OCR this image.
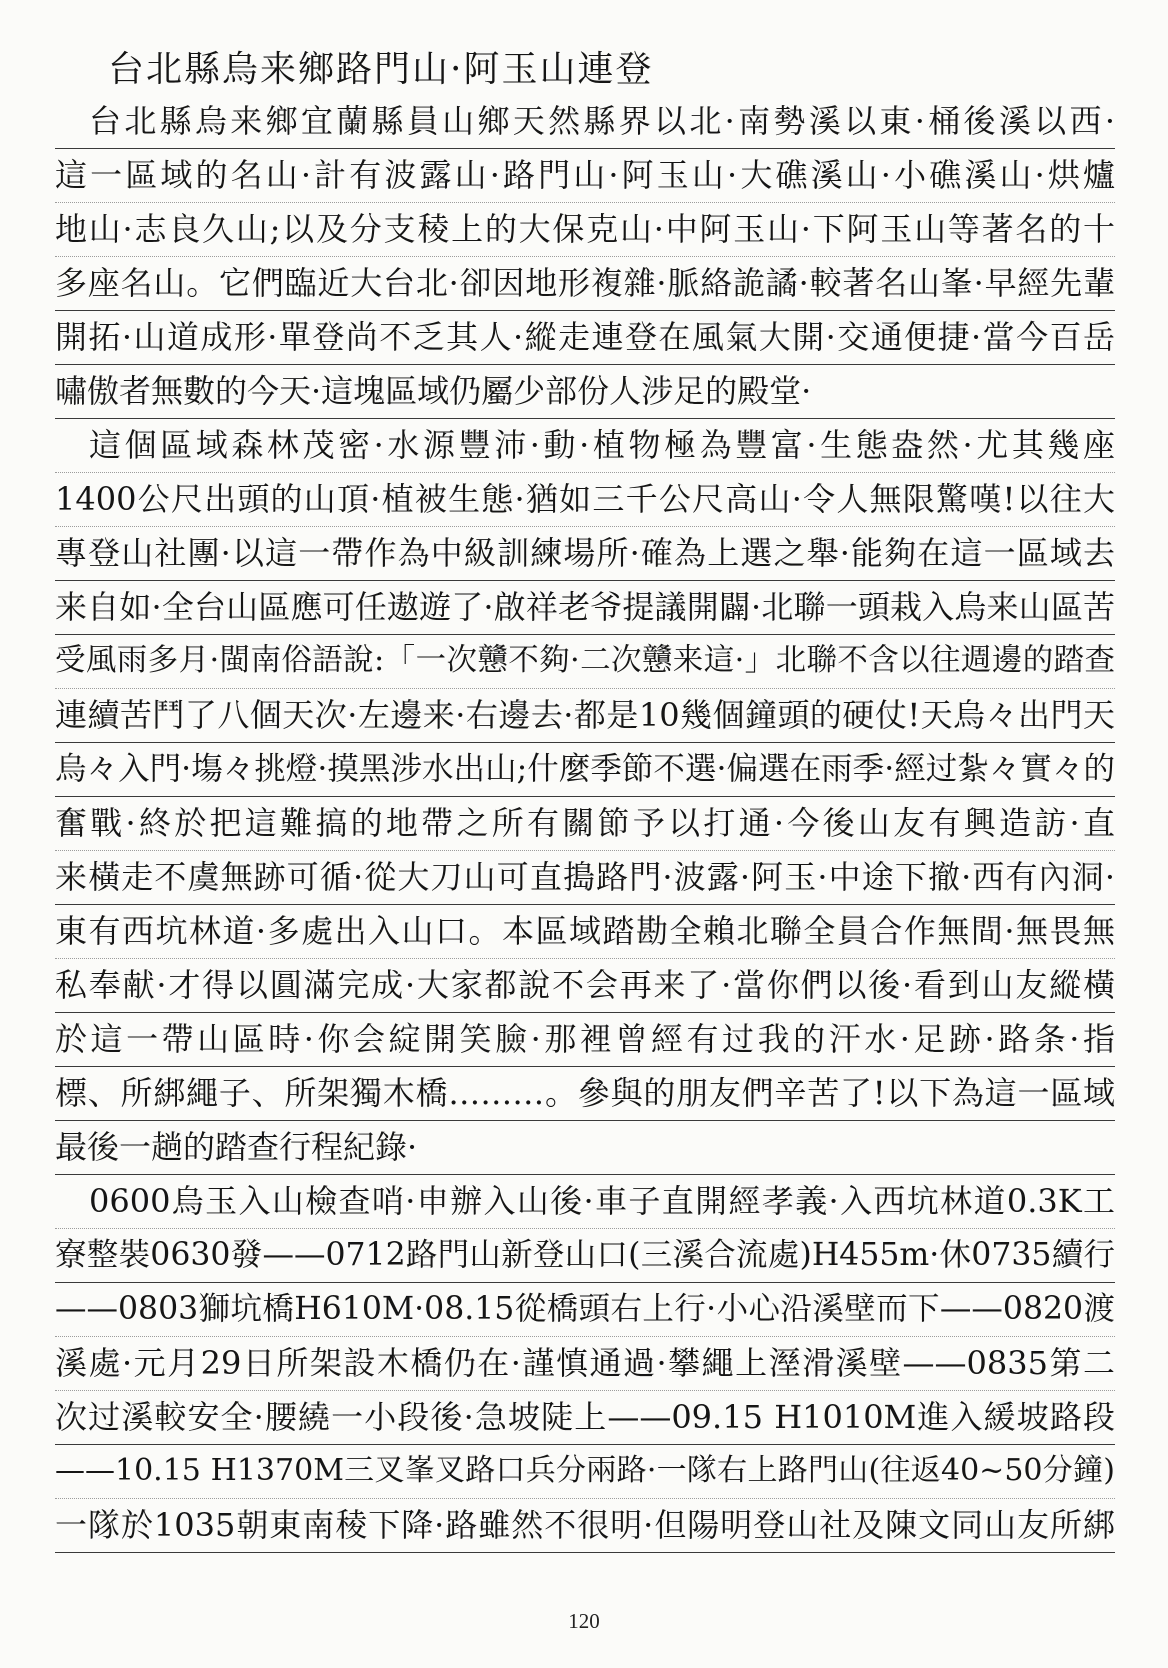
台北縣烏来鄉路門山·阿玉山連登
台北縣烏来鄉宜蘭縣員山鄉天然縣界以北·南勢溪以東·桶後溪以西·
這一區域的名山·計有波露山·路門山·阿玉山·大礁溪山·小礁溪山·烘爐
地山·志良久山;以及分支稜上的大保克山·中阿玉山·下阿玉山等著名的十
多座名山。它們臨近大台北·卻因地形複雜·脈絡詭譎·較著名山峯·早經先輩
開拓·山道成形·單登尚不乏其人·縱走連登在風氣大開·交通便捷·當今百岳
嘯傲者無數的今天·這塊區域仍屬少部份人涉足的殿堂·
這個區域森林茂密·水源豐沛·動·植物極為豐富·生態盎然·尤其幾座
1400公尺出頭的山頂·植被生態·猶如三千公尺高山·令人無限驚嘆!以往大
專登山社團·以這一帶作為中級訓練場所·確為上選之舉·能夠在這一區域去
来自如·全台山區應可任遨遊了·啟祥老爷提議開闢·北聯一頭栽入烏来山區苦
受風雨多月·閩南俗語說:「一次戇不夠·二次戇来這·」北聯不含以往週邊的踏查
連續苦鬥了八個天次·左邊来·右邊去·都是10幾個鐘頭的硬仗!天烏々出門天
烏々入門·塲々挑燈·摸黑涉水出山;什麼季節不選·偏選在雨季·經过紮々實々的
奮戰·終於把這難搞的地帶之所有關節予以打通·今後山友有興造訪·直
来橫走不虞無跡可循·從大刀山可直搗路門·波露·阿玉·中途下撤·西有內洞·
東有西坑林道·多處出入山口。本區域踏勘全賴北聯全員合作無間·無畏無
私奉献·才得以圓滿完成·大家都說不会再来了·當你們以後·看到山友縱橫
於這一帶山區時·你会綻開笑臉·那裡曾經有过我的汗水·足跡·路条·指
標、所綁繩子、所架獨木橋………。參與的朋友們辛苦了!以下為這一區域
最後一趟的踏查行程紀錄·
0600烏玉入山檢查哨·申辦入山後·車子直開經孝義·入西坑林道0.3K工
寮整裝0630發——0712路門山新登山口(三溪合流處)H455m·休0735續行
——0803獅坑橋H610M·08.15從橋頭右上行·小心沿溪壁而下——0820渡
溪處·元月29日所架設木橋仍在·謹慎通過·攀繩上溼滑溪壁——0835第二
次过溪較安全·腰繞一小段後·急坡陡上——09.15 H1010M進入緩坡路段
——10.15 H1370M三叉峯叉路口兵分兩路·一隊右上路門山(往返40~50分鐘)
一隊於1035朝東南稜下降·路雖然不很明·但陽明登山社及陳文同山友所綁
120
